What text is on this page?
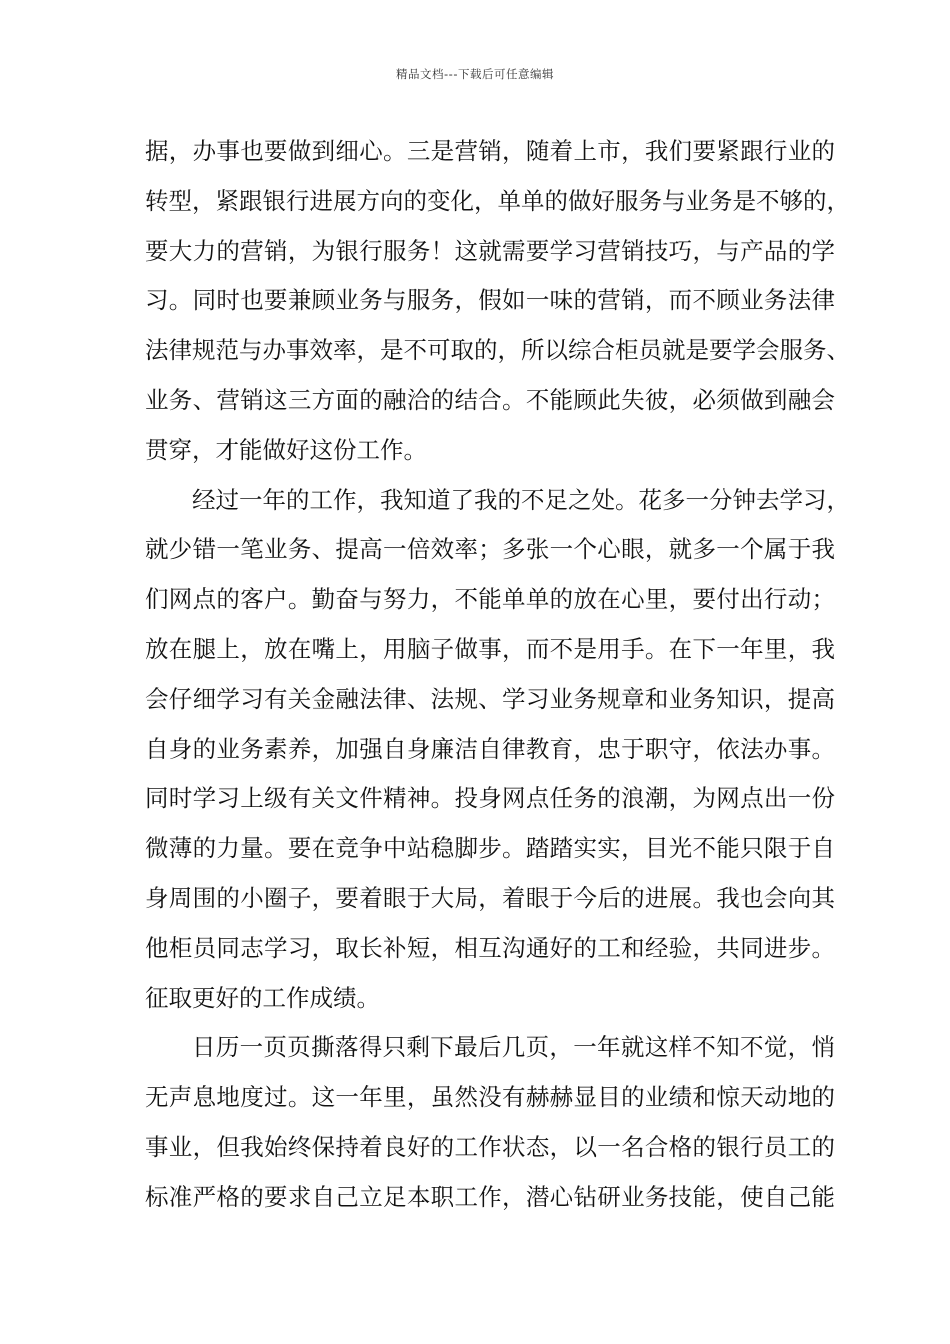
精品文档---下载后可任意编辑
据，办事也要做到细心。三是营销，随着上市，我们要紧跟行业的
转型，紧跟银行进展方向的变化，单单的做好服务与业务是不够的，
要大力的营销，为银行服务！这就需要学习营销技巧，与产品的学
习。同时也要兼顾业务与服务，假如一味的营销，而不顾业务法律
法律规范与办事效率，是不可取的，所以综合柜员就是要学会服务、
业务、营销这三方面的融洽的结合。不能顾此失彼，必须做到融会
贯穿，才能做好这份工作。
经过一年的工作，我知道了我的不足之处。花多一分钟去学习，
就少错一笔业务、提高一倍效率；多张一个心眼，就多一个属于我
们网点的客户。勤奋与努力，不能单单的放在心里，要付出行动；
放在腿上，放在嘴上，用脑子做事，而不是用手。在下一年里，我
会仔细学习有关金融法律、法规、学习业务规章和业务知识，提高
自身的业务素养，加强自身廉洁自律教育，忠于职守，依法办事。
同时学习上级有关文件精神。投身网点任务的浪潮，为网点出一份
微薄的力量。要在竞争中站稳脚步。踏踏实实，目光不能只限于自
身周围的小圈子，要着眼于大局，着眼于今后的进展。我也会向其
他柜员同志学习，取长补短，相互沟通好的工和经验，共同进步。
征取更好的工作成绩。
日历一页页撕落得只剩下最后几页，一年就这样不知不觉，悄
无声息地度过。这一年里，虽然没有赫赫显目的业绩和惊天动地的
事业，但我始终保持着良好的工作状态，以一名合格的银行员工的
标准严格的要求自己立足本职工作，潜心钻研业务技能，使自己能
